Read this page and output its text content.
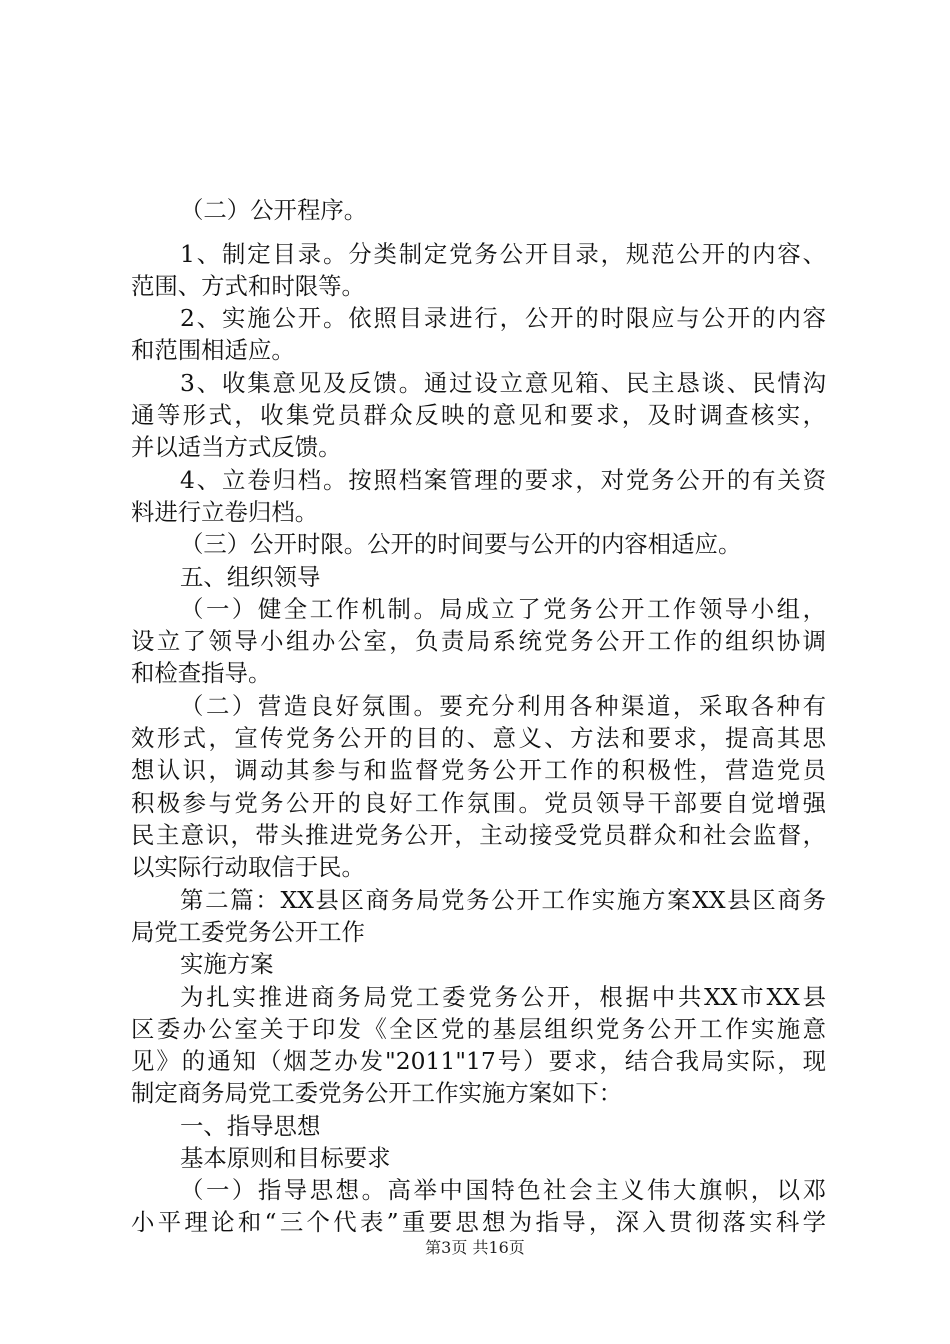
（二）公开程序。
1、制定目录。分类制定党务公开目录，规范公开的内容、
范围、方式和时限等。
2、实施公开。依照目录进行，公开的时限应与公开的内容
和范围相适应。
3、收集意见及反馈。通过设立意见箱、民主恳谈、民情沟
通等形式，收集党员群众反映的意见和要求，及时调查核实，
并以适当方式反馈。
4、立卷归档。按照档案管理的要求，对党务公开的有关资
料进行立卷归档。
（三）公开时限。公开的时间要与公开的内容相适应。
五、组织领导
（一）健全工作机制。局成立了党务公开工作领导小组，
设立了领导小组办公室，负责局系统党务公开工作的组织协调
和检查指导。
（二）营造良好氛围。要充分利用各种渠道，采取各种有
效形式，宣传党务公开的目的、意义、方法和要求，提高其思
想认识，调动其参与和监督党务公开工作的积极性，营造党员
积极参与党务公开的良好工作氛围。党员领导干部要自觉增强
民主意识，带头推进党务公开，主动接受党员群众和社会监督，
以实际行动取信于民。
第二篇：XX县区商务局党务公开工作实施方案XX县区商务
局党工委党务公开工作
实施方案
为扎实推进商务局党工委党务公开，根据中共XX市XX县
区委办公室关于印发《全区党的基层组织党务公开工作实施意
见》的通知（烟芝办发"2011"17号）要求，结合我局实际，现
制定商务局党工委党务公开工作实施方案如下：
一、指导思想
基本原则和目标要求
（一）指导思想。高举中国特色社会主义伟大旗帜，以邓
小平理论和“三个代表”重要思想为指导，深入贯彻落实科学
第3页 共16页
